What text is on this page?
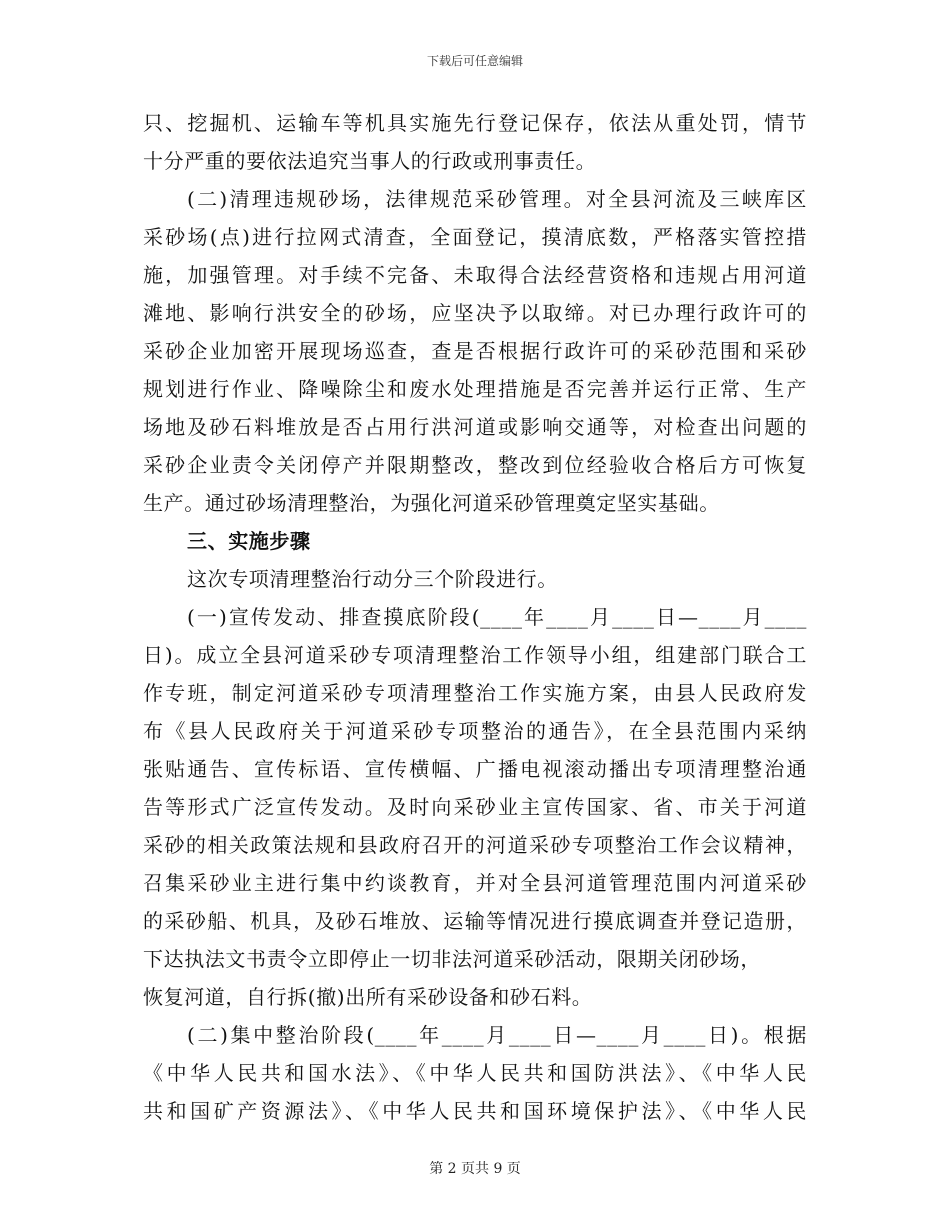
下载后可任意编辑
只、挖掘机、运输车等机具实施先行登记保存，依法从重处罚，情节
十分严重的要依法追究当事人的行政或刑事责任。
(二)清理违规砂场，法律规范采砂管理。对全县河流及三峡库区
采砂场(点)进行拉网式清查，全面登记，摸清底数，严格落实管控措
施，加强管理。对手续不完备、未取得合法经营资格和违规占用河道
滩地、影响行洪安全的砂场，应坚决予以取缔。对已办理行政许可的
采砂企业加密开展现场巡查，查是否根据行政许可的采砂范围和采砂
规划进行作业、降噪除尘和废水处理措施是否完善并运行正常、生产
场地及砂石料堆放是否占用行洪河道或影响交通等，对检查出问题的
采砂企业责令关闭停产并限期整改，整改到位经验收合格后方可恢复
生产。通过砂场清理整治，为强化河道采砂管理奠定坚实基础。
三、实施步骤
这次专项清理整治行动分三个阶段进行。
(一)宣传发动、排查摸底阶段(____年____月____日—____月____
日)。成立全县河道采砂专项清理整治工作领导小组，组建部门联合工
作专班，制定河道采砂专项清理整治工作实施方案，由县人民政府发
布《县人民政府关于河道采砂专项整治的通告》，在全县范围内采纳
张贴通告、宣传标语、宣传横幅、广播电视滚动播出专项清理整治通
告等形式广泛宣传发动。及时向采砂业主宣传国家、省、市关于河道
采砂的相关政策法规和县政府召开的河道采砂专项整治工作会议精神，
召集采砂业主进行集中约谈教育，并对全县河道管理范围内河道采砂
的采砂船、机具，及砂石堆放、运输等情况进行摸底调查并登记造册，
下达执法文书责令立即停止一切非法河道采砂活动，限期关闭砂场，
恢复河道，自行拆(撤)出所有采砂设备和砂石料。
(二)集中整治阶段(____年____月____日—____月____日)。根据
《中华人民共和国水法》、《中华人民共和国防洪法》、《中华人民
共和国矿产资源法》、《中华人民共和国环境保护法》、《中华人民
第 2 页共 9 页
